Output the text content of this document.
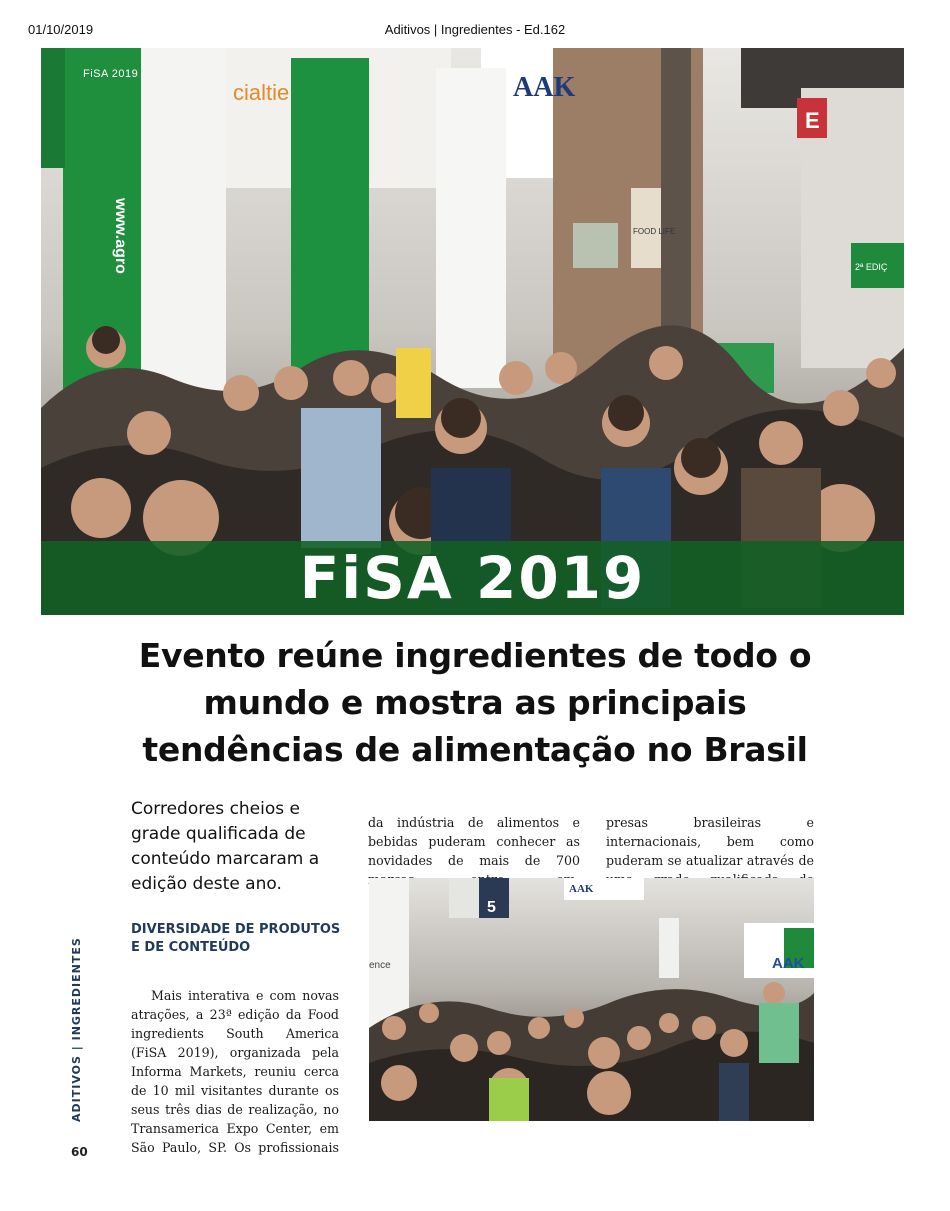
01/10/2019	Aditivos | Ingredientes - Ed.162
FiSA 2019
FiSA 2019
www.agro
cialtie	AAK
E
FOOD LIFE
2ª EDIÇ
Evento reúne ingredientes de todo o mundo e mostra as principais tendências de alimentação no Brasil
Corredores cheios e grade qualificada de conteúdo marcaram a edição deste ano.
DIVERSIDADE DE PRODUTOS E DE CONTEÚDO

Mais interativa e com novas atrações, a 23ª edição da Food ingredients South America (FiSA 2019), organizada pela Informa Markets, reuniu cerca de 10 mil visitantes durante os seus três dias de realização, no Transamerica Expo Center, em São Paulo, SP. Os profissionais

da indústria de alimentos e bebidas puderam conhecer as novidades de mais de 700

presas brasileiras e internacionais, bem como puderam se atualizar através de

AAK
AAK
5
ence
ADITIVOS | INGREDIENTES
60
